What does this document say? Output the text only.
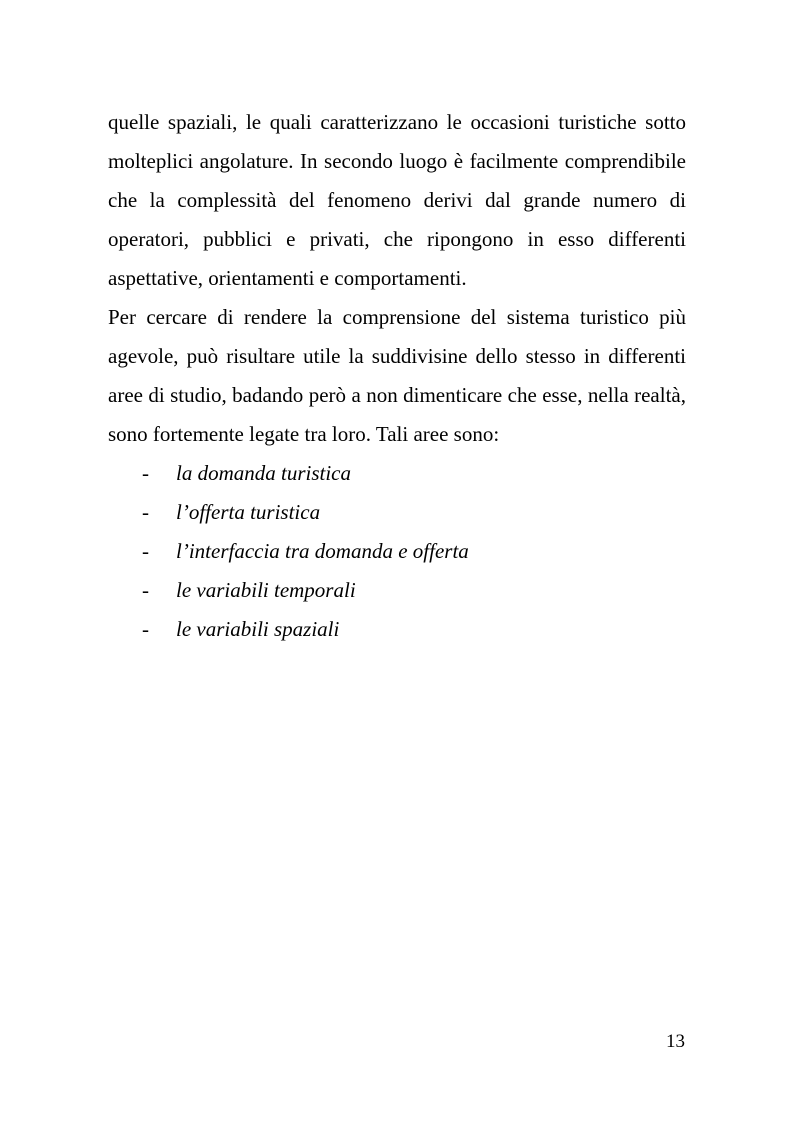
quelle spaziali, le quali caratterizzano le occasioni turistiche sotto molteplici angolature. In secondo luogo è facilmente comprendibile che la complessità del fenomeno derivi dal grande numero di operatori, pubblici e privati, che ripongono in esso differenti aspettative, orientamenti e comportamenti.

Per cercare di rendere la comprensione del sistema turistico più agevole, può risultare utile la suddivisine dello stesso in differenti aree di studio, badando però a non dimenticare che esse, nella realtà, sono fortemente legate tra loro. Tali aree sono:

- la domanda turistica
- l’offerta turistica
- l’interfaccia tra domanda e offerta
- le variabili temporali
- le variabili spaziali
13
